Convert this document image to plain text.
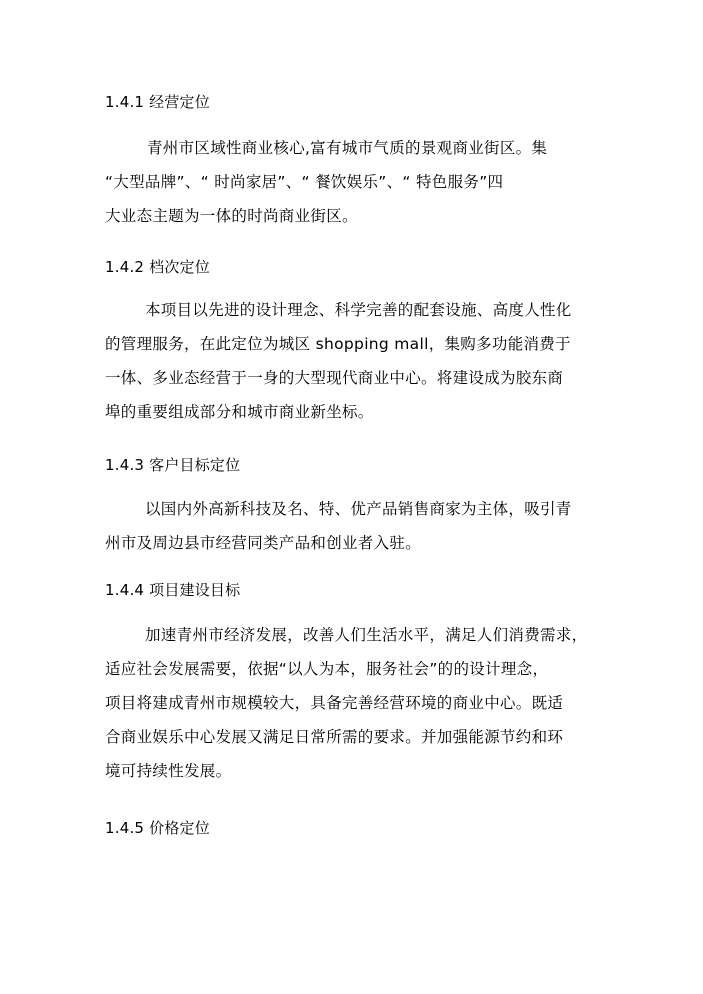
1.4.1 经营定位
青州市区域性商业核心,富有城市气质的景观商业街区。集
“大型品牌”、“ 时尚家居”、“ 餐饮娱乐”、“ 特色服务”四
大业态主题为一体的时尚商业街区。
1.4.2 档次定位
本项目以先进的设计理念、科学完善的配套设施、高度人性化
的管理服务，在此定位为城区 shopping mall，集购多功能消费于
一体、多业态经营于一身的大型现代商业中心。将建设成为胶东商
埠的重要组成部分和城市商业新坐标。
1.4.3 客户目标定位
以国内外高新科技及名、特、优产品销售商家为主体，吸引青
州市及周边县市经营同类产品和创业者入驻。
1.4.4 项目建设目标
加速青州市经济发展，改善人们生活水平，满足人们消费需求，
适应社会发展需要，依据“以人为本，服务社会”的的设计理念，
项目将建成青州市规模较大，具备完善经营环境的商业中心。既适
合商业娱乐中心发展又满足日常所需的要求。并加强能源节约和环
境可持续性发展。
1.4.5 价格定位
